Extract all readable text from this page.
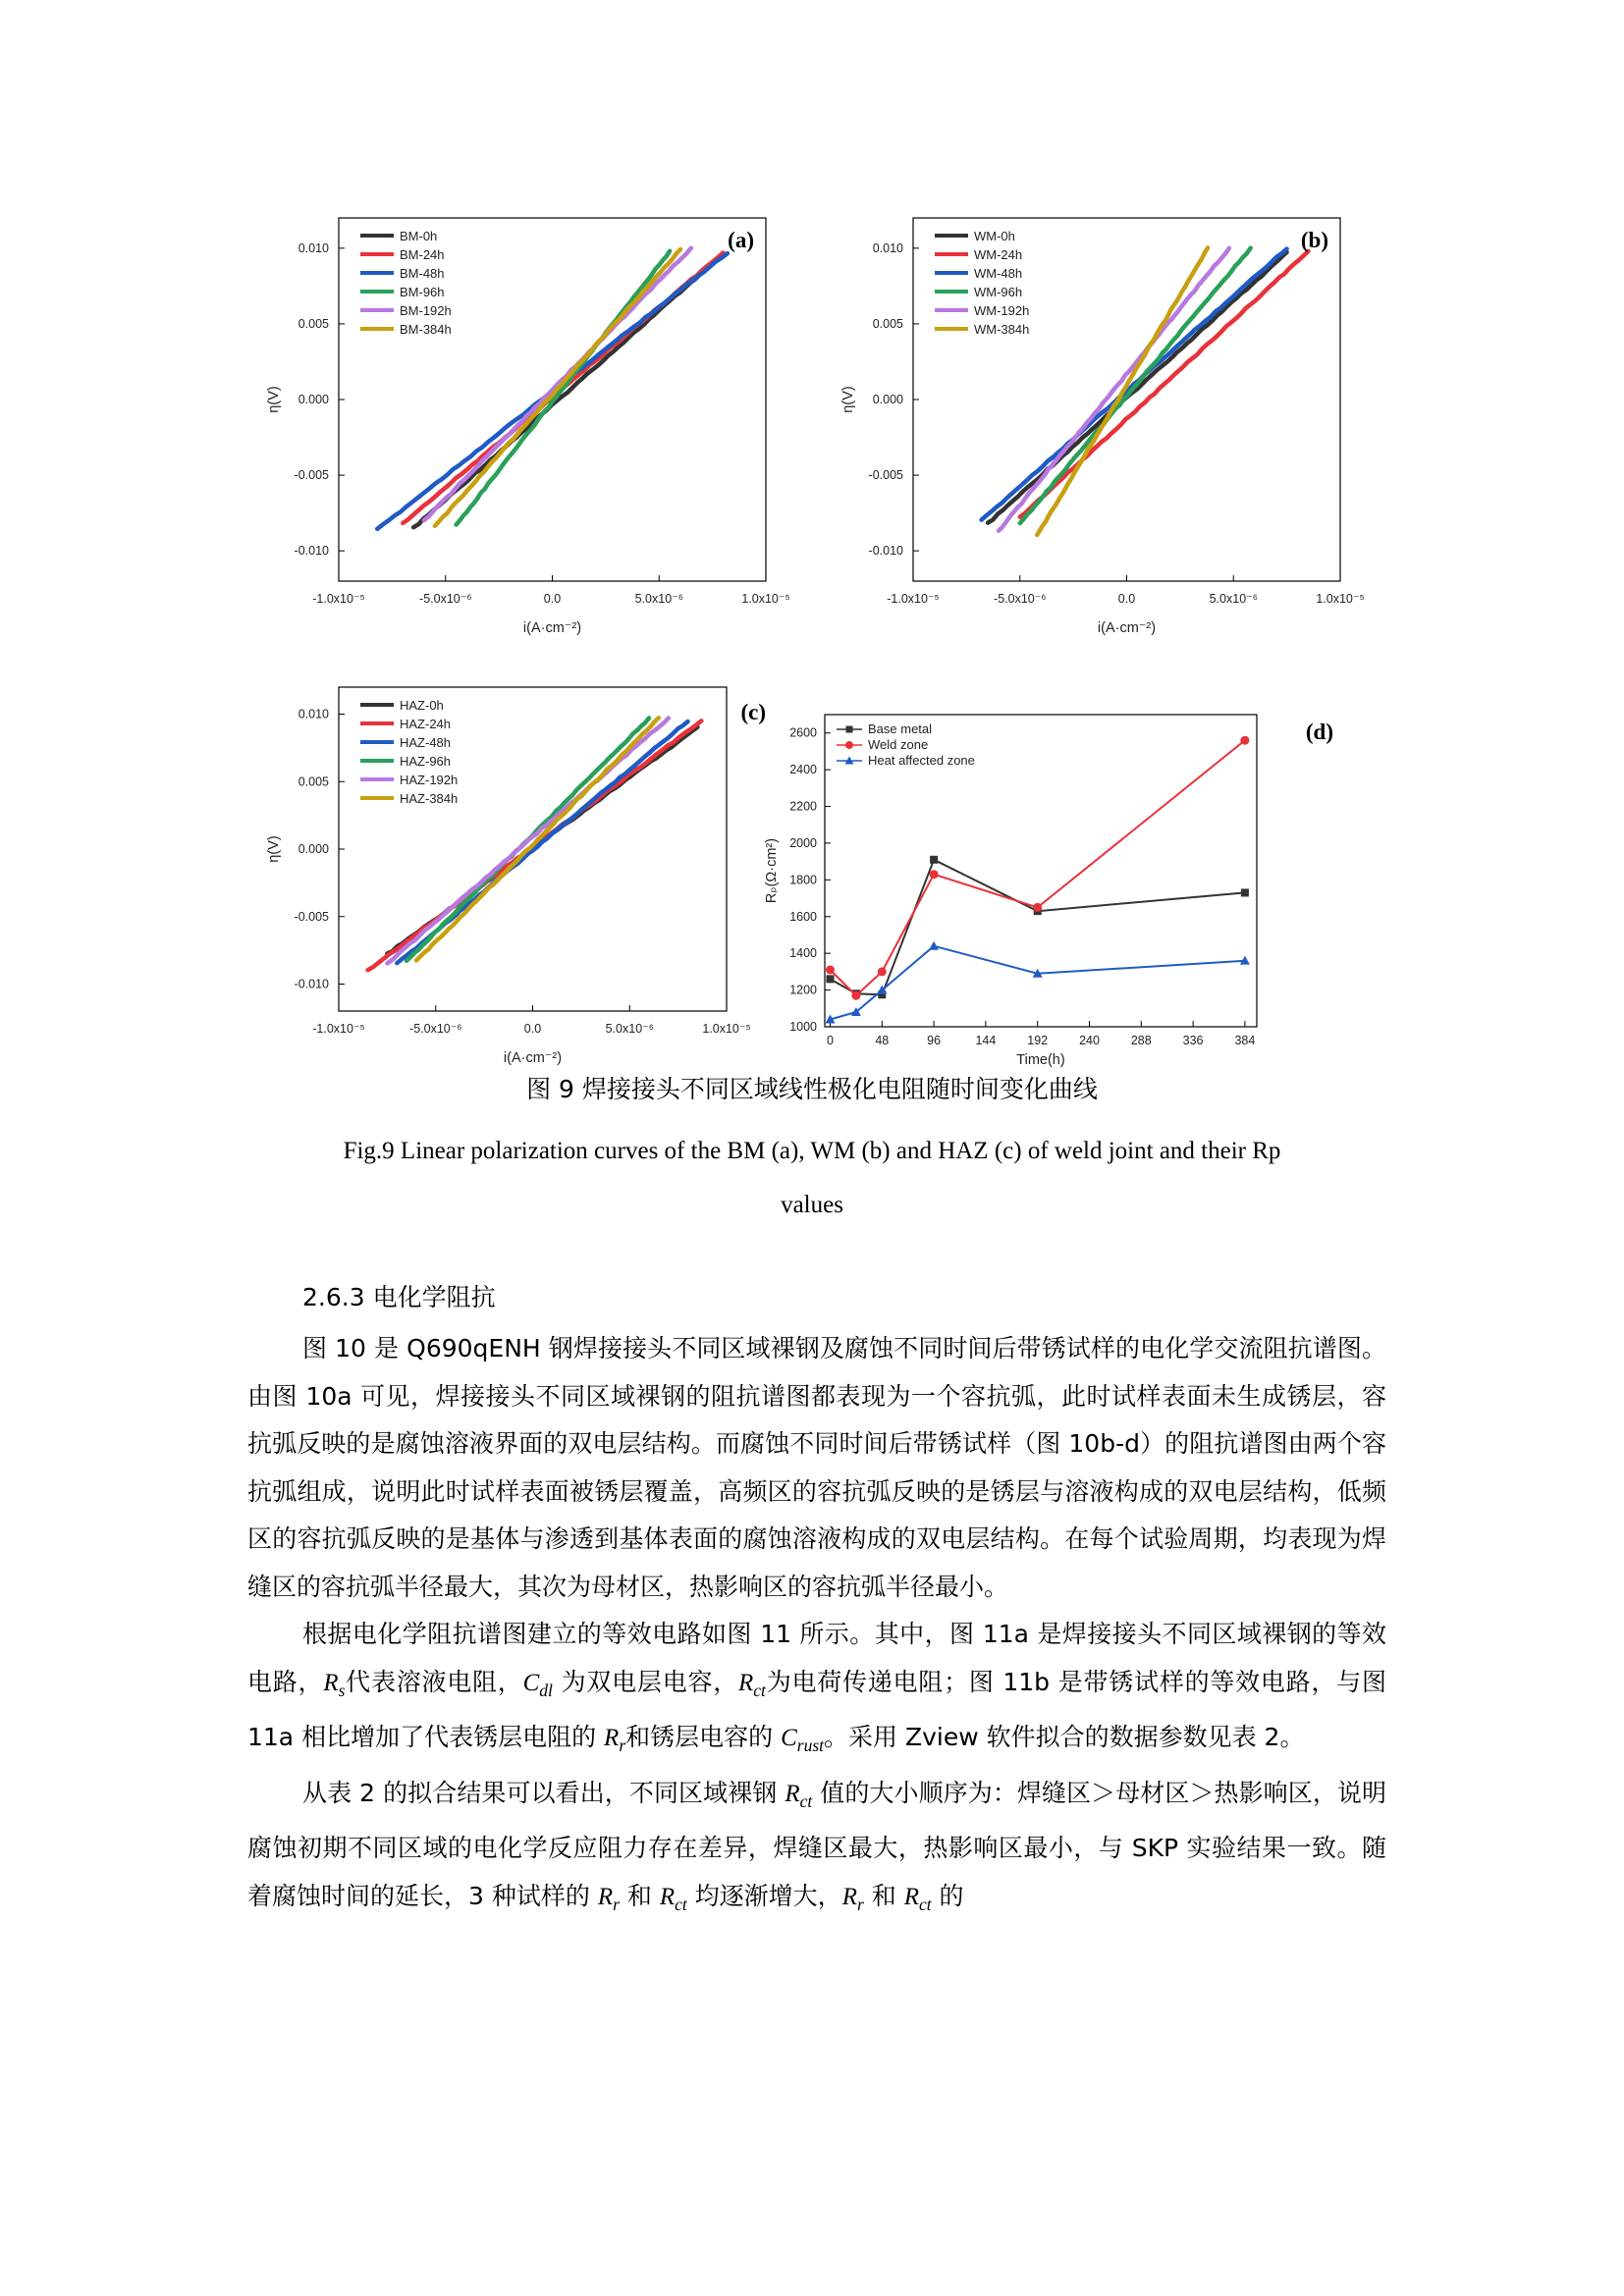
0.010
0.005
0.000
-0.005
-0.010
-1.0x10⁻⁵	-5.0x10⁻⁶	0.0	5.0x10⁻⁶	1.0x10⁻⁵
i(A·cm⁻²)
η(V)
BM-0h
BM-24h
BM-48h
BM-96h
BM-192h
BM-384h
(a)	0.010
0.005
0.000
-0.005
-0.010
-1.0x10⁻⁵	-5.0x10⁻⁶	0.0	5.0x10⁻⁶	1.0x10⁻⁵
i(A·cm⁻²)
η(V)
WM-0h
WM-24h
WM-48h
WM-96h
WM-192h
WM-384h
(b)
0.010
0.005
0.000
-0.005
-0.010
-1.0x10⁻⁵	-5.0x10⁻⁶	0.0	5.0x10⁻⁶	1.0x10⁻⁵
i(A·cm⁻²)
η(V)
HAZ-0h
HAZ-24h
HAZ-48h
HAZ-96h
HAZ-192h
HAZ-384h
(c)
2600
2400
2200
2000
1800
1600
1400
1200
1000
0	48	96	144	192	240	288	336	384
Time(h)
Rₚ(Ω·cm²)
Base metal
Weld zone
Heat affected zone
(d)
图 9 焊接接头不同区域线性极化电阻随时间变化曲线
Fig.9 Linear polarization curves of the BM (a), WM (b) and HAZ (c) of weld joint and their Rp
values
2.6.3 电化学阻抗

图 10 是 Q690qENH 钢焊接接头不同区域裸钢及腐蚀不同时间后带锈试样的电化学交流阻抗谱图。由图 10a 可见，焊接接头不同区域裸钢的阻抗谱图都表现为一个容抗弧，此时试样表面未生成锈层，容抗弧反映的是腐蚀溶液界面的双电层结构。而腐蚀不同时间后带锈试样（图 10b-d）的阻抗谱图由两个容抗弧组成，说明此时试样表面被锈层覆盖，高频区的容抗弧反映的是锈层与溶液构成的双电层结构，低频区的容抗弧反映的是基体与渗透到基体表面的腐蚀溶液构成的双电层结构。在每个试验周期，均表现为焊缝区的容抗弧半径最大，其次为母材区，热影响区的容抗弧半径最小。

根据电化学阻抗谱图建立的等效电路如图 11 所示。其中，图 11a 是焊接接头不同区域裸钢的等效电路，$R_s$代表溶液电阻，$C_{dl}$ 为双电层电容，$R_{ct}$为电荷传递电阻；图 11b 是带锈试样的等效电路，与图 11a 相比增加了代表锈层电阻的 $R_r$和锈层电容的 $C_{rust}$。采用 Zview 软件拟合的数据参数见表 2。

从表 2 的拟合结果可以看出，不同区域裸钢 $R_{ct}$ 值的大小顺序为：焊缝区＞母材区＞热影响区，说明腐蚀初期不同区域的电化学反应阻力存在差异，焊缝区最大，热影响区最小，与 SKP 实验结果一致。随着腐蚀时间的延长，3 种试样的 $R_r$ 和 $R_{ct}$ 均逐渐增大，$R_r$ 和 $R_{ct}$ 的
